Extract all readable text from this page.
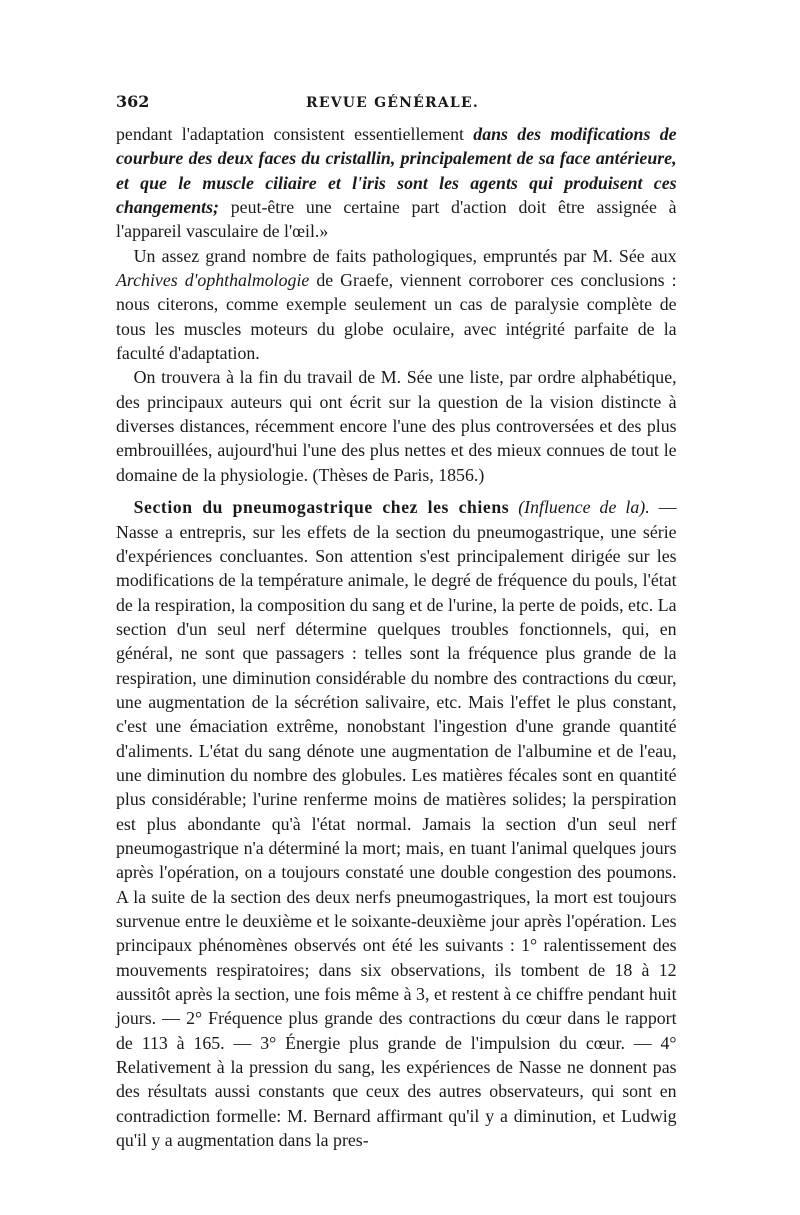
362	REVUE GÉNÉRALE.

pendant l'adaptation consistent essentiellement dans des modifications de courbure des deux faces du cristallin, principalement de sa face antérieure, et que le muscle ciliaire et l'iris sont les agents qui produisent ces changements; peut-être une certaine part d'action doit être assignée à l'appareil vasculaire de l'œil.»

Un assez grand nombre de faits pathologiques, empruntés par M. Sée aux Archives d'ophthalmologie de Graefe, viennent corroborer ces conclusions : nous citerons, comme exemple seulement un cas de paralysie complète de tous les muscles moteurs du globe oculaire, avec intégrité parfaite de la faculté d'adaptation.

On trouvera à la fin du travail de M. Sée une liste, par ordre alphabétique, des principaux auteurs qui ont écrit sur la question de la vision distincte à diverses distances, récemment encore l'une des plus controversées et des plus embrouillées, aujourd'hui l'une des plus nettes et des mieux connues de tout le domaine de la physiologie. (Thèses de Paris, 1856.)

Section du pneumogastrique chez les chiens (Influence de la). — Nasse a entrepris, sur les effets de la section du pneumogastrique, une série d'expériences concluantes. Son attention s'est principalement dirigée sur les modifications de la température animale, le degré de fréquence du pouls, l'état de la respiration, la composition du sang et de l'urine, la perte de poids, etc. La section d'un seul nerf détermine quelques troubles fonctionnels, qui, en général, ne sont que passagers : telles sont la fréquence plus grande de la respiration, une diminution considérable du nombre des contractions du cœur, une augmentation de la sécrétion salivaire, etc. Mais l'effet le plus constant, c'est une émaciation extrême, nonobstant l'ingestion d'une grande quantité d'aliments. L'état du sang dénote une augmentation de l'albumine et de l'eau, une diminution du nombre des globules. Les matières fécales sont en quantité plus considérable; l'urine renferme moins de matières solides; la perspiration est plus abondante qu'à l'état normal. Jamais la section d'un seul nerf pneumogastrique n'a déterminé la mort; mais, en tuant l'animal quelques jours après l'opération, on a toujours constaté une double congestion des poumons. A la suite de la section des deux nerfs pneumogastriques, la mort est toujours survenue entre le deuxième et le soixante-deuxième jour après l'opération. Les principaux phénomènes observés ont été les suivants : 1° ralentissement des mouvements respiratoires; dans six observations, ils tombent de 18 à 12 aussitôt après la section, une fois même à 3, et restent à ce chiffre pendant huit jours. — 2° Fréquence plus grande des contractions du cœur dans le rapport de 113 à 165. — 3° Énergie plus grande de l'impulsion du cœur. — 4° Relativement à la pression du sang, les expériences de Nasse ne donnent pas des résultats aussi constants que ceux des autres observateurs, qui sont en contradiction formelle: M. Bernard affirmant qu'il y a diminution, et Ludwig qu'il y a augmentation dans la pres-
